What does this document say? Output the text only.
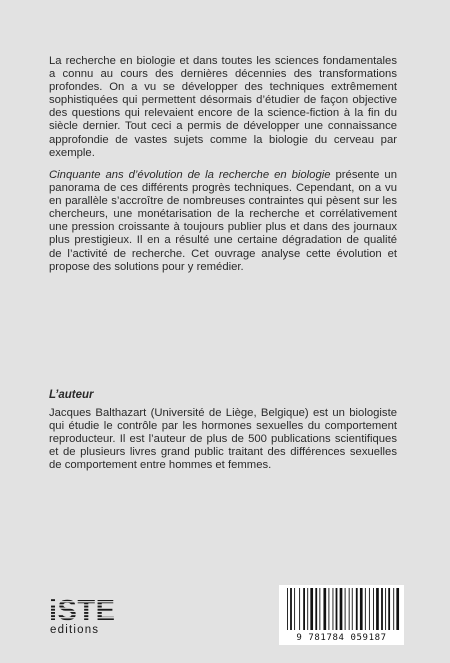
La recherche en biologie et dans toutes les sciences fondamentales a connu au cours des dernières décennies des transformations profondes. On a vu se développer des techniques extrêmement sophistiquées qui permettent désormais d’étudier de façon objective des questions qui relevaient encore de la science-fiction à la fin du siècle dernier. Tout ceci a permis de développer une connaissance approfondie de vastes sujets comme la biologie du cerveau par exemple.

Cinquante ans d’évolution de la recherche en biologie présente un panorama de ces différents progrès techniques. Cependant, on a vu en parallèle s’accroître de nombreuses contraintes qui pèsent sur les chercheurs, une monétarisation de la recherche et corrélativement une pression croissante à toujours publier plus et dans des journaux plus prestigieux. Il en a résulté une certaine dégradation de qualité de l’activité de recherche. Cet ouvrage analyse cette évolution et propose des solutions pour y remédier.

L’auteur

Jacques Balthazart (Université de Liège, Belgique) est un biologiste qui étudie le contrôle par les hormones sexuelles du comportement reproducteur. Il est l’auteur de plus de 500 publications scientifiques et de plusieurs livres grand public traitant des différences sexuelles de comportement entre hommes et femmes.

iSTE
editions
9 781784 059187
